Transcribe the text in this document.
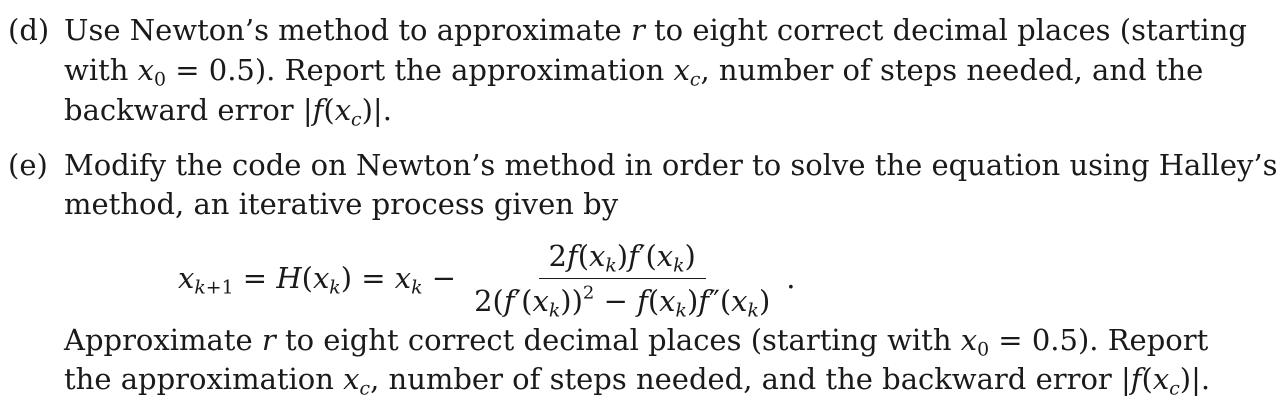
(d) Use Newton’s method to approximate r to eight correct decimal places (starting
with $x_0 = 0.5$). Report the approximation $x_c$, number of steps needed, and the
backward error $|f(x_c)|$.
(e) Modify the code on Newton’s method in order to solve the equation using Halley’s
method, an iterative process given by
$x_{k+1} = H(x_k) = x_k - \frac{2f(x_k)f'(x_k)}{2(f'(x_k))^2 - f(x_k)f''(x_k)}$ .
Approximate r to eight correct decimal places (starting with $x_0 = 0.5$). Report
the approximation $x_c$, number of steps needed, and the backward error $|f(x_c)|$.
